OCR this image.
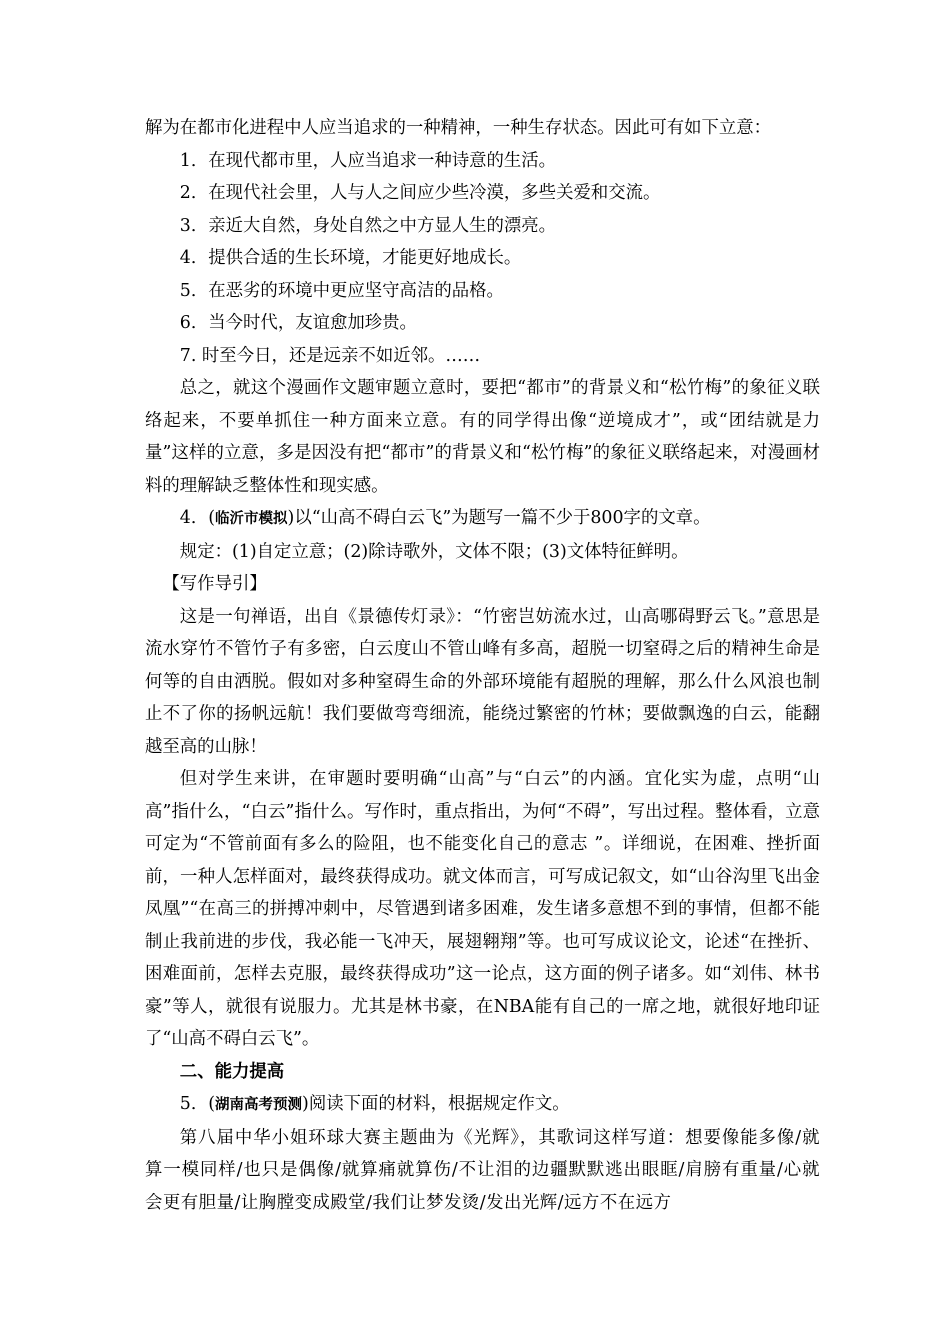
解为在都市化进程中人应当追求的一种精神，一种生存状态。因此可有如下立意：

1．在现代都市里，人应当追求一种诗意的生活。

2．在现代社会里，人与人之间应少些冷漠，多些关爱和交流。

3．亲近大自然，身处自然之中方显人生的漂亮。

4．提供合适的生长环境，才能更好地成长。

5．在恶劣的环境中更应坚守高洁的品格。

6．当今时代，友谊愈加珍贵。

7. 时至今日，还是远亲不如近邻。……

总之，就这个漫画作文题审题立意时，要把“都市”的背景义和“松竹梅”的象征义联络起来，不要单抓住一种方面来立意。有的同学得出像“逆境成才”，或“团结就是力量”这样的立意，多是因没有把“都市”的背景义和“松竹梅”的象征义联络起来，对漫画材料的理解缺乏整体性和现实感。

4．(临沂市模拟)以“山高不碍白云飞”为题写一篇不少于800字的文章。

规定：(1)自定立意；(2)除诗歌外，文体不限；(3)文体特征鲜明。

【写作导引】

这是一句禅语，出自《景德传灯录》：“竹密岂妨流水过，山高哪碍野云飞。”意思是流水穿竹不管竹子有多密，白云度山不管山峰有多高，超脱一切窒碍之后的精神生命是何等的自由洒脱。假如对多种窒碍生命的外部环境能有超脱的理解，那么什么风浪也制止不了你的扬帆远航！我们要做弯弯细流，能绕过繁密的竹林；要做飘逸的白云，能翻越至高的山脉！

但对学生来讲，在审题时要明确“山高”与“白云”的内涵。宜化实为虚，点明“山高”指什么，“白云”指什么。写作时，重点指出，为何“不碍”，写出过程。整体看，立意可定为“不管前面有多么的险阻，也不能变化自己的意志 ”。详细说，在困难、挫折面前，一种人怎样面对，最终获得成功。就文体而言，可写成记叙文，如“山谷沟里飞出金凤凰”“在高三的拼搏冲刺中，尽管遇到诸多困难，发生诸多意想不到的事情，但都不能制止我前进的步伐，我必能一飞冲天，展翅翱翔”等。也可写成议论文，论述“在挫折、困难面前，怎样去克服，最终获得成功”这一论点，这方面的例子诸多。如“刘伟、林书豪”等人，就很有说服力。尤其是林书豪，在NBA能有自己的一席之地，就很好地印证了“山高不碍白云飞”。

二、能力提高

5．(湖南高考预测)阅读下面的材料，根据规定作文。

第八届中华小姐环球大赛主题曲为《光辉》，其歌词这样写道：想要像能多像/就算一模同样/也只是偶像/就算痛就算伤/不让泪的边疆默默逃出眼眶/肩膀有重量/心就会更有胆量/让胸膛变成殿堂/我们让梦发烫/发出光辉/远方不在远方
